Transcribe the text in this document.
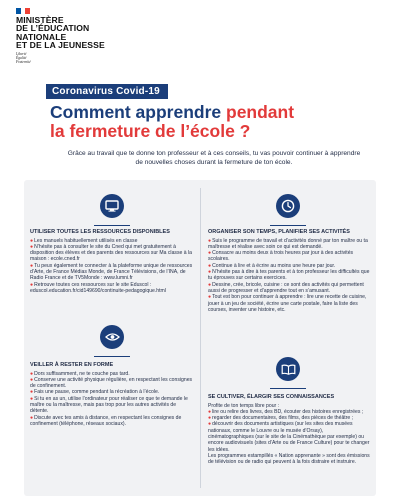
MINISTÈRE
DE L’ÉDUCATION
NATIONALE
ET DE LA JEUNESSE
Liberté
Égalité
Fraternité
Coronavirus Covid-19
Comment apprendre pendant
la fermeture de l’école ?
Grâce au travail que te donne ton professeur et à ces conseils, tu vas pouvoir continuer à apprendre de nouvelles choses durant la fermeture de ton école.
UTILISER TOUTES LES RESSOURCES DISPONIBLES
●Les manuels habituellement utilisés en classe
●N’hésite pas à consulter le site du Cned qui met gratuitement à disposition des élèves et des parents des ressources sur Ma classe à la maison : ecole.cned.fr
●Tu peux également te connecter à la plateforme unique de ressources d’Arte, de France Médias Monde, de France Télévisions, de l’INA, de Radio France et de TV5Monde : www.lumni.fr
●Retrouve toutes ces ressources sur le site Eduscol : eduscol.education.fr/cid149690/continuite-pedagogique.html
ORGANISER SON TEMPS, PLANIFIER SES ACTIVITÉS
●Suis le programme de travail et d’activités donné par ton maître ou ta maîtresse et réalise avec soin ce qui est demandé.
●Consacre au moins deux à trois heures par jour à des activités scolaires.
●Continue à lire et à écrire au moins une heure par jour.
●N’hésite pas à dire à tes parents et à ton professeur les difficultés que tu éprouves sur certains exercices.
●Dessine, crée, bricole, cuisine : ce sont des activités qui permettent aussi de progresser et d’apprendre tout en s’amusant.
●Tout est bon pour continuer à apprendre : lire une recette de cuisine, jouer à un jeu de société, écrire une carte postale, faire la liste des courses, inventer une histoire, etc.
VEILLER À RESTER EN FORME
●Dors suffisamment, ne te couche pas tard.
●Conserve une activité physique régulière, en respectant les consignes de confinement.
●Fais une pause, comme pendant la récréation à l’école.
●Si tu en as un, utilise l’ordinateur pour réaliser ce que te demande le maître ou la maîtresse, mais pas trop pour les autres activités de détente.
●Discute avec tes amis à distance, en respectant les consignes de confinement (téléphone, réseaux sociaux).
SE CULTIVER, ÉLARGIR SES CONNAISSANCES

Profite de ton temps libre pour :

●lire ou relire des livres, des BD, écouter des histoires enregistrées ;
●regarder des documentaires, des films, des pièces de théâtre ;
●découvrir des documents artistiques (sur les sites des musées nationaux, comme le Louvre ou le musée d’Orsay), cinématographiques (sur le site de la Cinémathèque par exemple) ou encore audiovisuels (sites d’Arte ou de France Culture) pour te changer les idées.

Les programmes estampillés « Nation apprenante » sont des émissions de télévision ou de radio qui peuvent à la fois distraire et instruire.
